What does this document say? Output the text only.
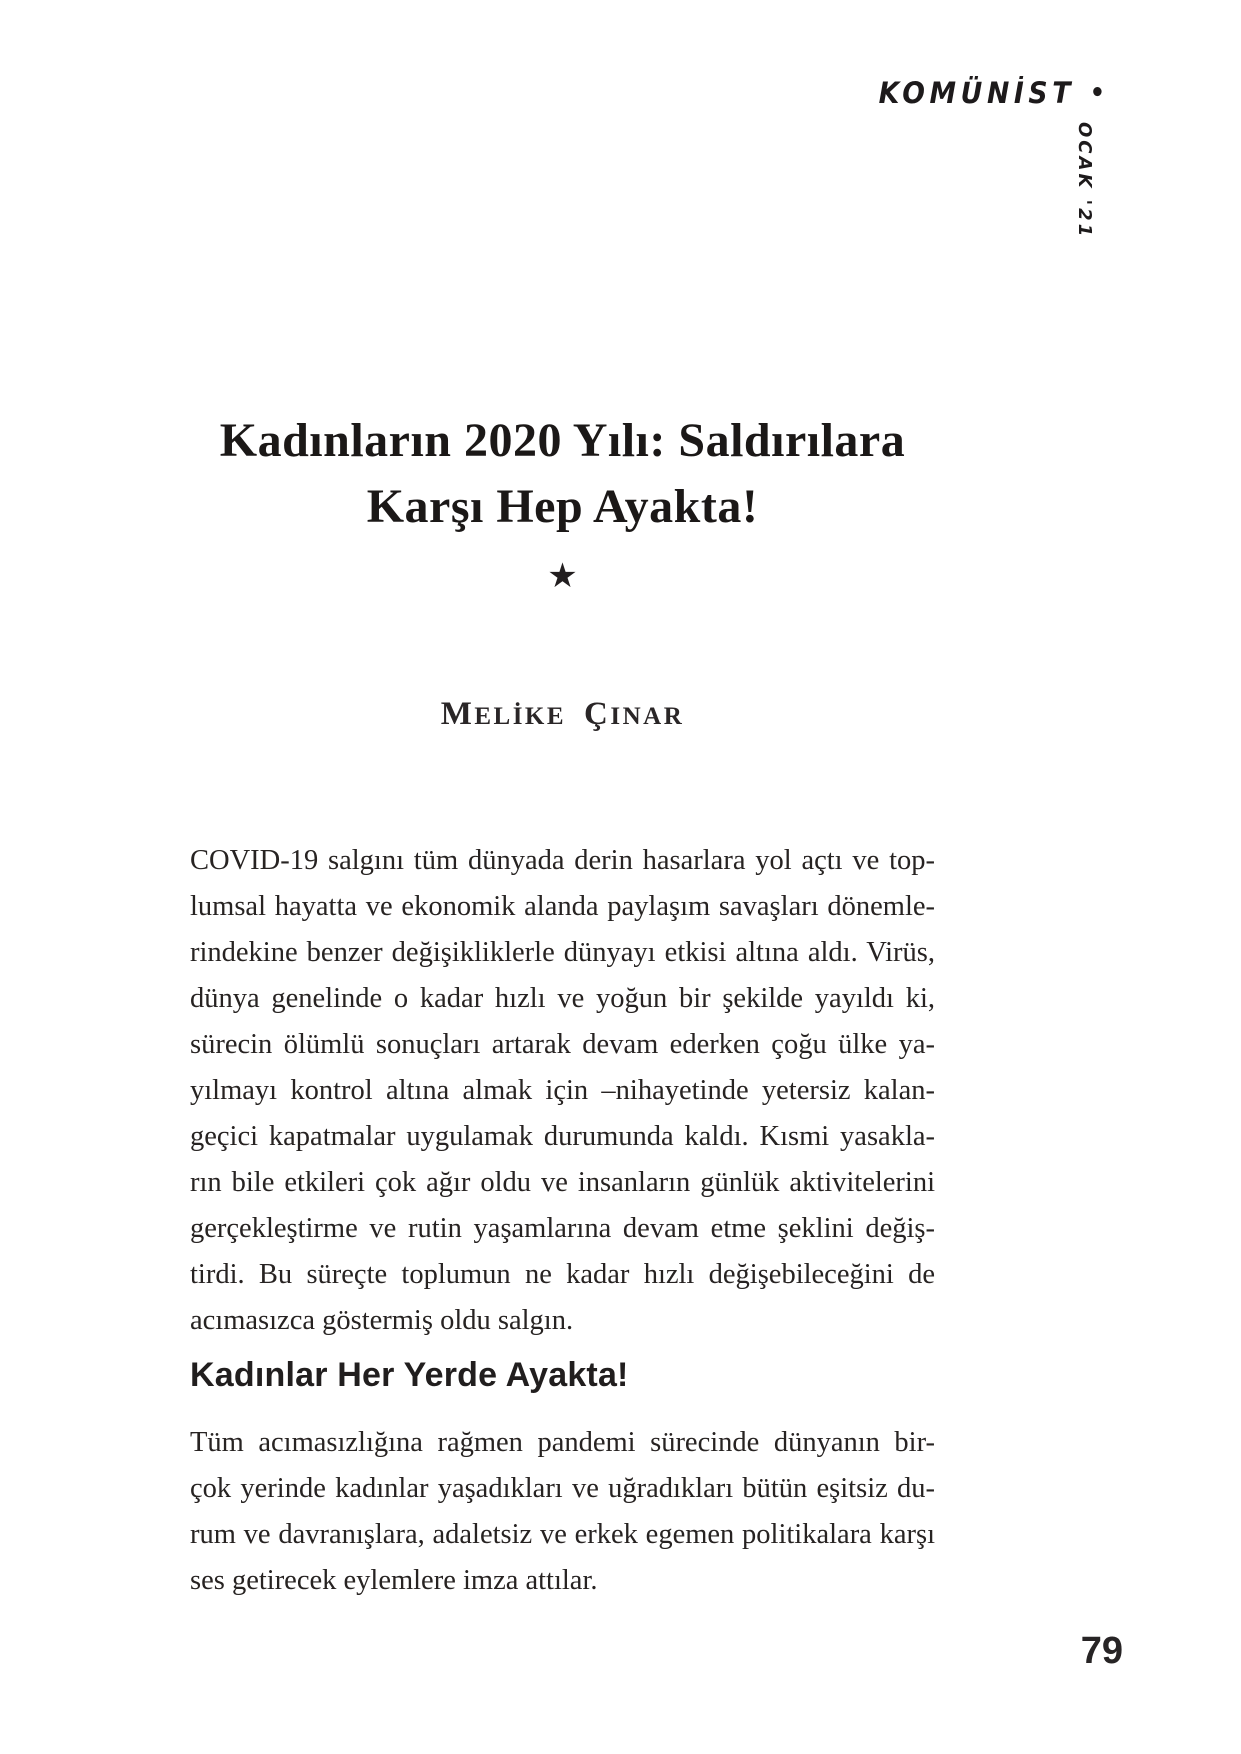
KOMÜNİST •
OCAK '21
Kadınların 2020 Yılı: Saldırılara
Karşı Hep Ayakta!
★
MELİKE ÇINAR
COVID-19 salgını tüm dünyada derin hasarlara yol açtı ve top-
lumsal hayatta ve ekonomik alanda paylaşım savaşları dönemle-
rindekine benzer değişikliklerle dünyayı etkisi altına aldı. Virüs,
dünya genelinde o kadar hızlı ve yoğun bir şekilde yayıldı ki,
sürecin ölümlü sonuçları artarak devam ederken çoğu ülke ya-
yılmayı kontrol altına almak için –nihayetinde yetersiz kalan-
geçici kapatmalar uygulamak durumunda kaldı. Kısmi yasakla-
rın bile etkileri çok ağır oldu ve insanların günlük aktivitelerini
gerçekleştirme ve rutin yaşamlarına devam etme şeklini değiş-
tirdi. Bu süreçte toplumun ne kadar hızlı değişebileceğini de
acımasızca göstermiş oldu salgın.
Kadınlar Her Yerde Ayakta!
Tüm acımasızlığına rağmen pandemi sürecinde dünyanın bir-
çok yerinde kadınlar yaşadıkları ve uğradıkları bütün eşitsiz du-
rum ve davranışlara, adaletsiz ve erkek egemen politikalara karşı
ses getirecek eylemlere imza attılar.
79
